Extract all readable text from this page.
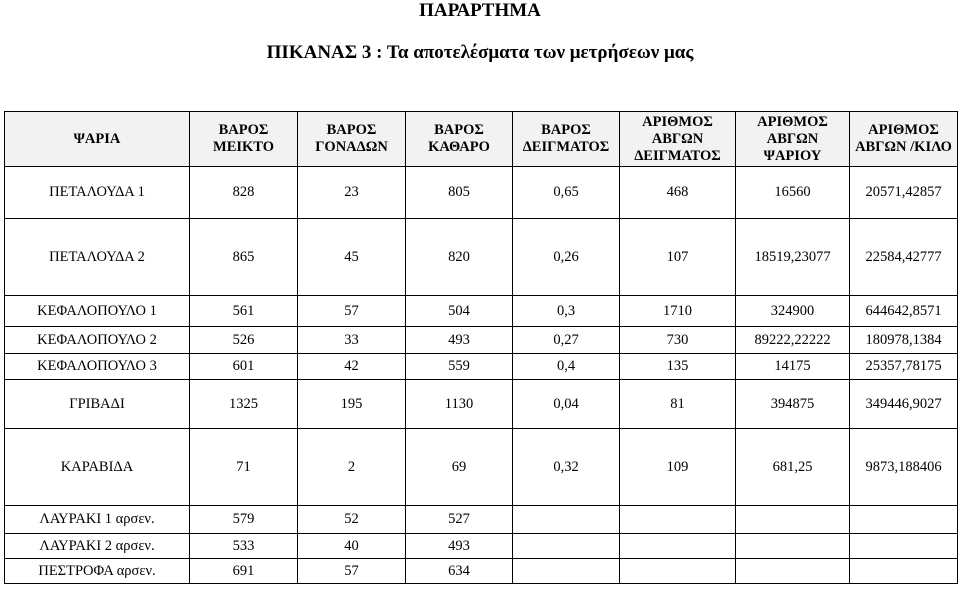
ΠΑΡΑΡΤΗΜΑ
ΠΙΚΑΝΑΣ 3 : Τα αποτελέσματα των μετρήσεων μας
ΨΑΡΙΑ	ΒΑΡΟΣ ΜΕΙΚΤΟ	ΒΑΡΟΣ ΓΟΝΑΔΩΝ	ΒΑΡΟΣ ΚΑΘΑΡΟ	ΒΑΡΟΣ ΔΕΙΓΜΑΤΟΣ	ΑΡΙΘΜΟΣ ΑΒΓΩΝ ΔΕΙΓΜΑΤΟΣ	ΑΡΙΘΜΟΣ ΑΒΓΩΝ ΨΑΡΙΟΥ	ΑΡΙΘΜΟΣ ΑΒΓΩΝ /ΚΙΛΟ
ΠΕΤΑΛΟΥΔΑ 1	828	23	805	0,65	468	16560	20571,42857
ΠΕΤΑΛΟΥΔΑ 2	865	45	820	0,26	107	18519,23077	22584,42777
ΚΕΦΑΛΟΠΟΥΛΟ 1	561	57	504	0,3	1710	324900	644642,8571
ΚΕΦΑΛΟΠΟΥΛΟ 2	526	33	493	0,27	730	89222,22222	180978,1384
ΚΕΦΑΛΟΠΟΥΛΟ 3	601	42	559	0,4	135	14175	25357,78175
ΓΡΙΒΑΔΙ	1325	195	1130	0,04	81	394875	349446,9027
ΚΑΡΑΒΙΔΑ	71	2	69	0,32	109	681,25	9873,188406
ΛΑΥΡΑΚΙ 1 αρσεν.	579	52	527				
ΛΑΥΡΑΚΙ 2 αρσεν.	533	40	493				
ΠΕΣΤΡΟΦΑ αρσεν.	691	57	634				
